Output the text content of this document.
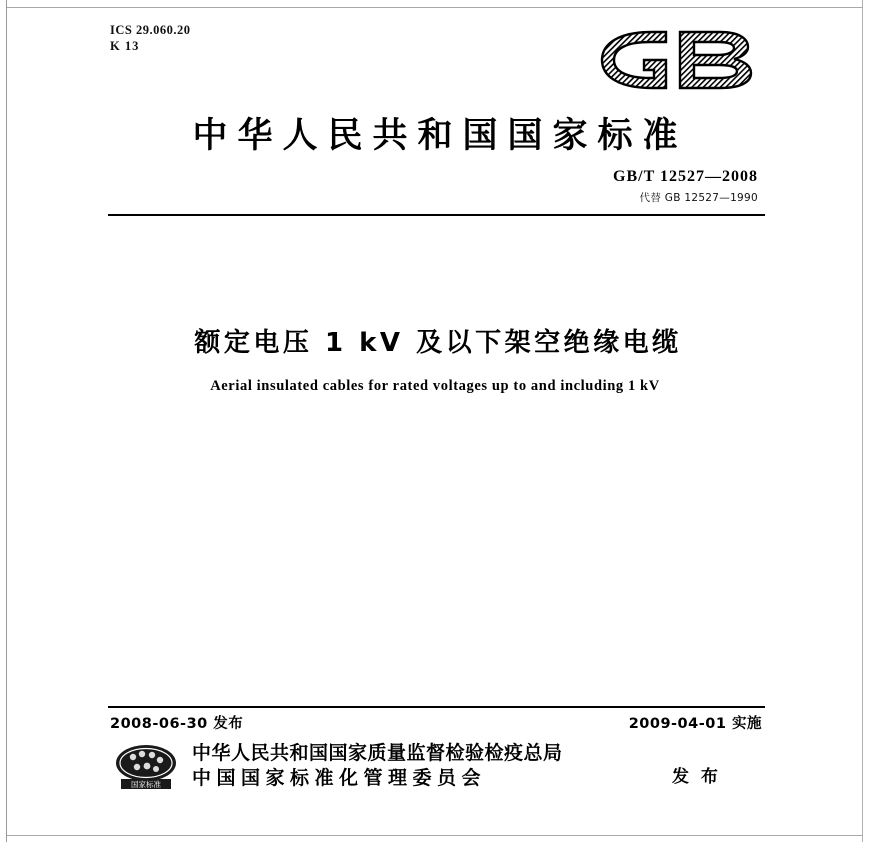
ICS 29.060.20
K 13
中华人民共和国国家标准
GB/T 12527—2008
代替 GB 12527—1990
额定电压 1 kV 及以下架空绝缘电缆
Aerial insulated cables for rated voltages up to and including 1 kV
2008-06-30 发布	2009-04-01 实施
国家标准
中华人民共和国国家质量监督检验检疫总局
中国国家标准化管理委员会	发 布
